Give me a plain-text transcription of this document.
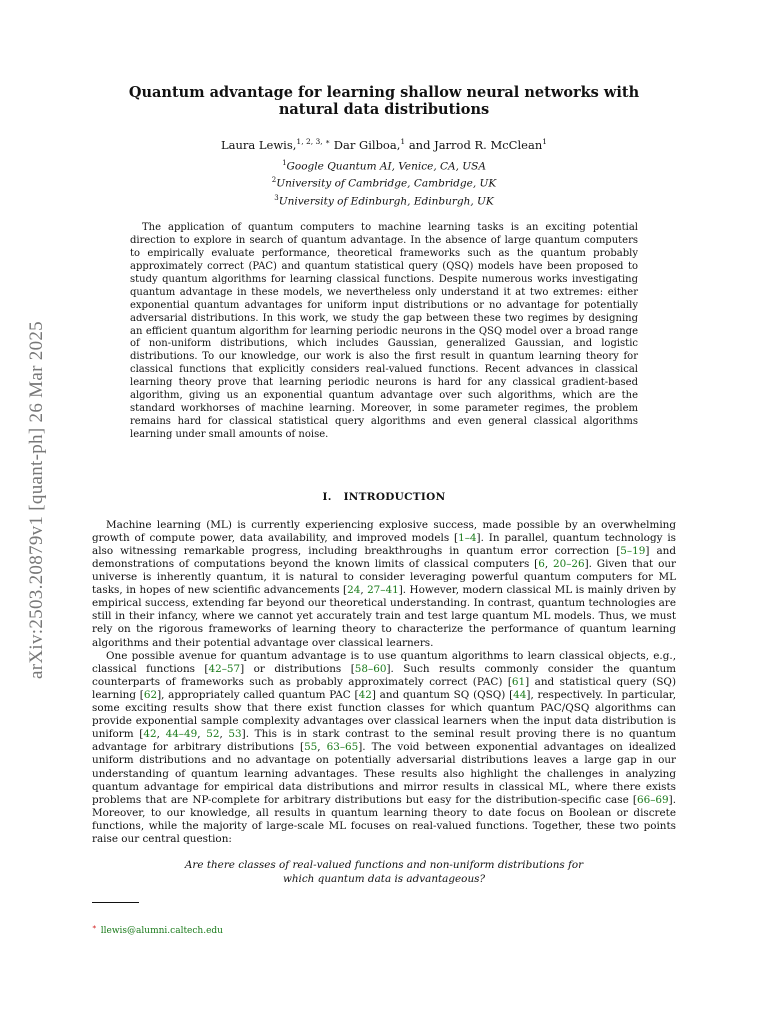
arXiv:2503.20879v1 [quant-ph] 26 Mar 2025
Quantum advantage for learning shallow neural networks with natural data distributions
Laura Lewis,$^{1, 2, 3, ∗}$ Dar Gilboa,$^1$ and Jarrod R. McClean$^1$
$^1$Google Quantum AI, Venice, CA, USA
$^2$University of Cambridge, Cambridge, UK
$^3$University of Edinburgh, Edinburgh, UK
The application of quantum computers to machine learning tasks is an exciting potential direction to explore in search of quantum advantage. In the absence of large quantum computers to empirically evaluate performance, theoretical frameworks such as the quantum probably approximately correct (PAC) and quantum statistical query (QSQ) models have been proposed to study quantum algorithms for learning classical functions. Despite numerous works investigating quantum advantage in these models, we nevertheless only understand it at two extremes: either exponential quantum advantages for uniform input distributions or no advantage for potentially adversarial distributions. In this work, we study the gap between these two regimes by designing an efficient quantum algorithm for learning periodic neurons in the QSQ model over a broad range of non-uniform distributions, which includes Gaussian, generalized Gaussian, and logistic distributions. To our knowledge, our work is also the first result in quantum learning theory for classical functions that explicitly considers real-valued functions. Recent advances in classical learning theory prove that learning periodic neurons is hard for any classical gradient-based algorithm, giving us an exponential quantum advantage over such algorithms, which are the standard workhorses of machine learning. Moreover, in some parameter regimes, the problem remains hard for classical statistical query algorithms and even general classical algorithms learning under small amounts of noise.
I. INTRODUCTION

Machine learning (ML) is currently experiencing explosive success, made possible by an overwhelming growth of compute power, data availability, and improved models [1–4]. In parallel, quantum technology is also witnessing remarkable progress, including breakthroughs in quantum error correction [5–19] and demonstrations of computations beyond the known limits of classical computers [6, 20–26]. Given that our universe is inherently quantum, it is natural to consider leveraging powerful quantum computers for ML tasks, in hopes of new scientific advancements [24, 27–41]. However, modern classical ML is mainly driven by empirical success, extending far beyond our theoretical understanding. In contrast, quantum technologies are still in their infancy, where we cannot yet accurately train and test large quantum ML models. Thus, we must rely on the rigorous frameworks of learning theory to characterize the performance of quantum learning algorithms and their potential advantage over classical learners.

One possible avenue for quantum advantage is to use quantum algorithms to learn classical objects, e.g., classical functions [42–57] or distributions [58–60]. Such results commonly consider the quantum counterparts of frameworks such as probably approximately correct (PAC) [61] and statistical query (SQ) learning [62], appropriately called quantum PAC [42] and quantum SQ (QSQ) [44], respectively. In particular, some exciting results show that there exist function classes for which quantum PAC/QSQ algorithms can provide exponential sample complexity advantages over classical learners when the input data distribution is uniform [42, 44–49, 52, 53]. This is in stark contrast to the seminal result proving there is no quantum advantage for arbitrary distributions [55, 63–65]. The void between exponential advantages on idealized uniform distributions and no advantage on potentially adversarial distributions leaves a large gap in our understanding of quantum learning advantages. These results also highlight the challenges in analyzing quantum advantage for empirical data distributions and mirror results in classical ML, where there exists problems that are NP-complete for arbitrary distributions but easy for the distribution-specific case [66–69]. Moreover, to our knowledge, all results in quantum learning theory to date focus on Boolean or discrete functions, while the majority of large-scale ML focuses on real-valued functions. Together, these two points raise our central question:

Are there classes of real-valued functions and non-uniform distributions for which quantum data is advantageous?
∗ llewis@alumni.caltech.edu
